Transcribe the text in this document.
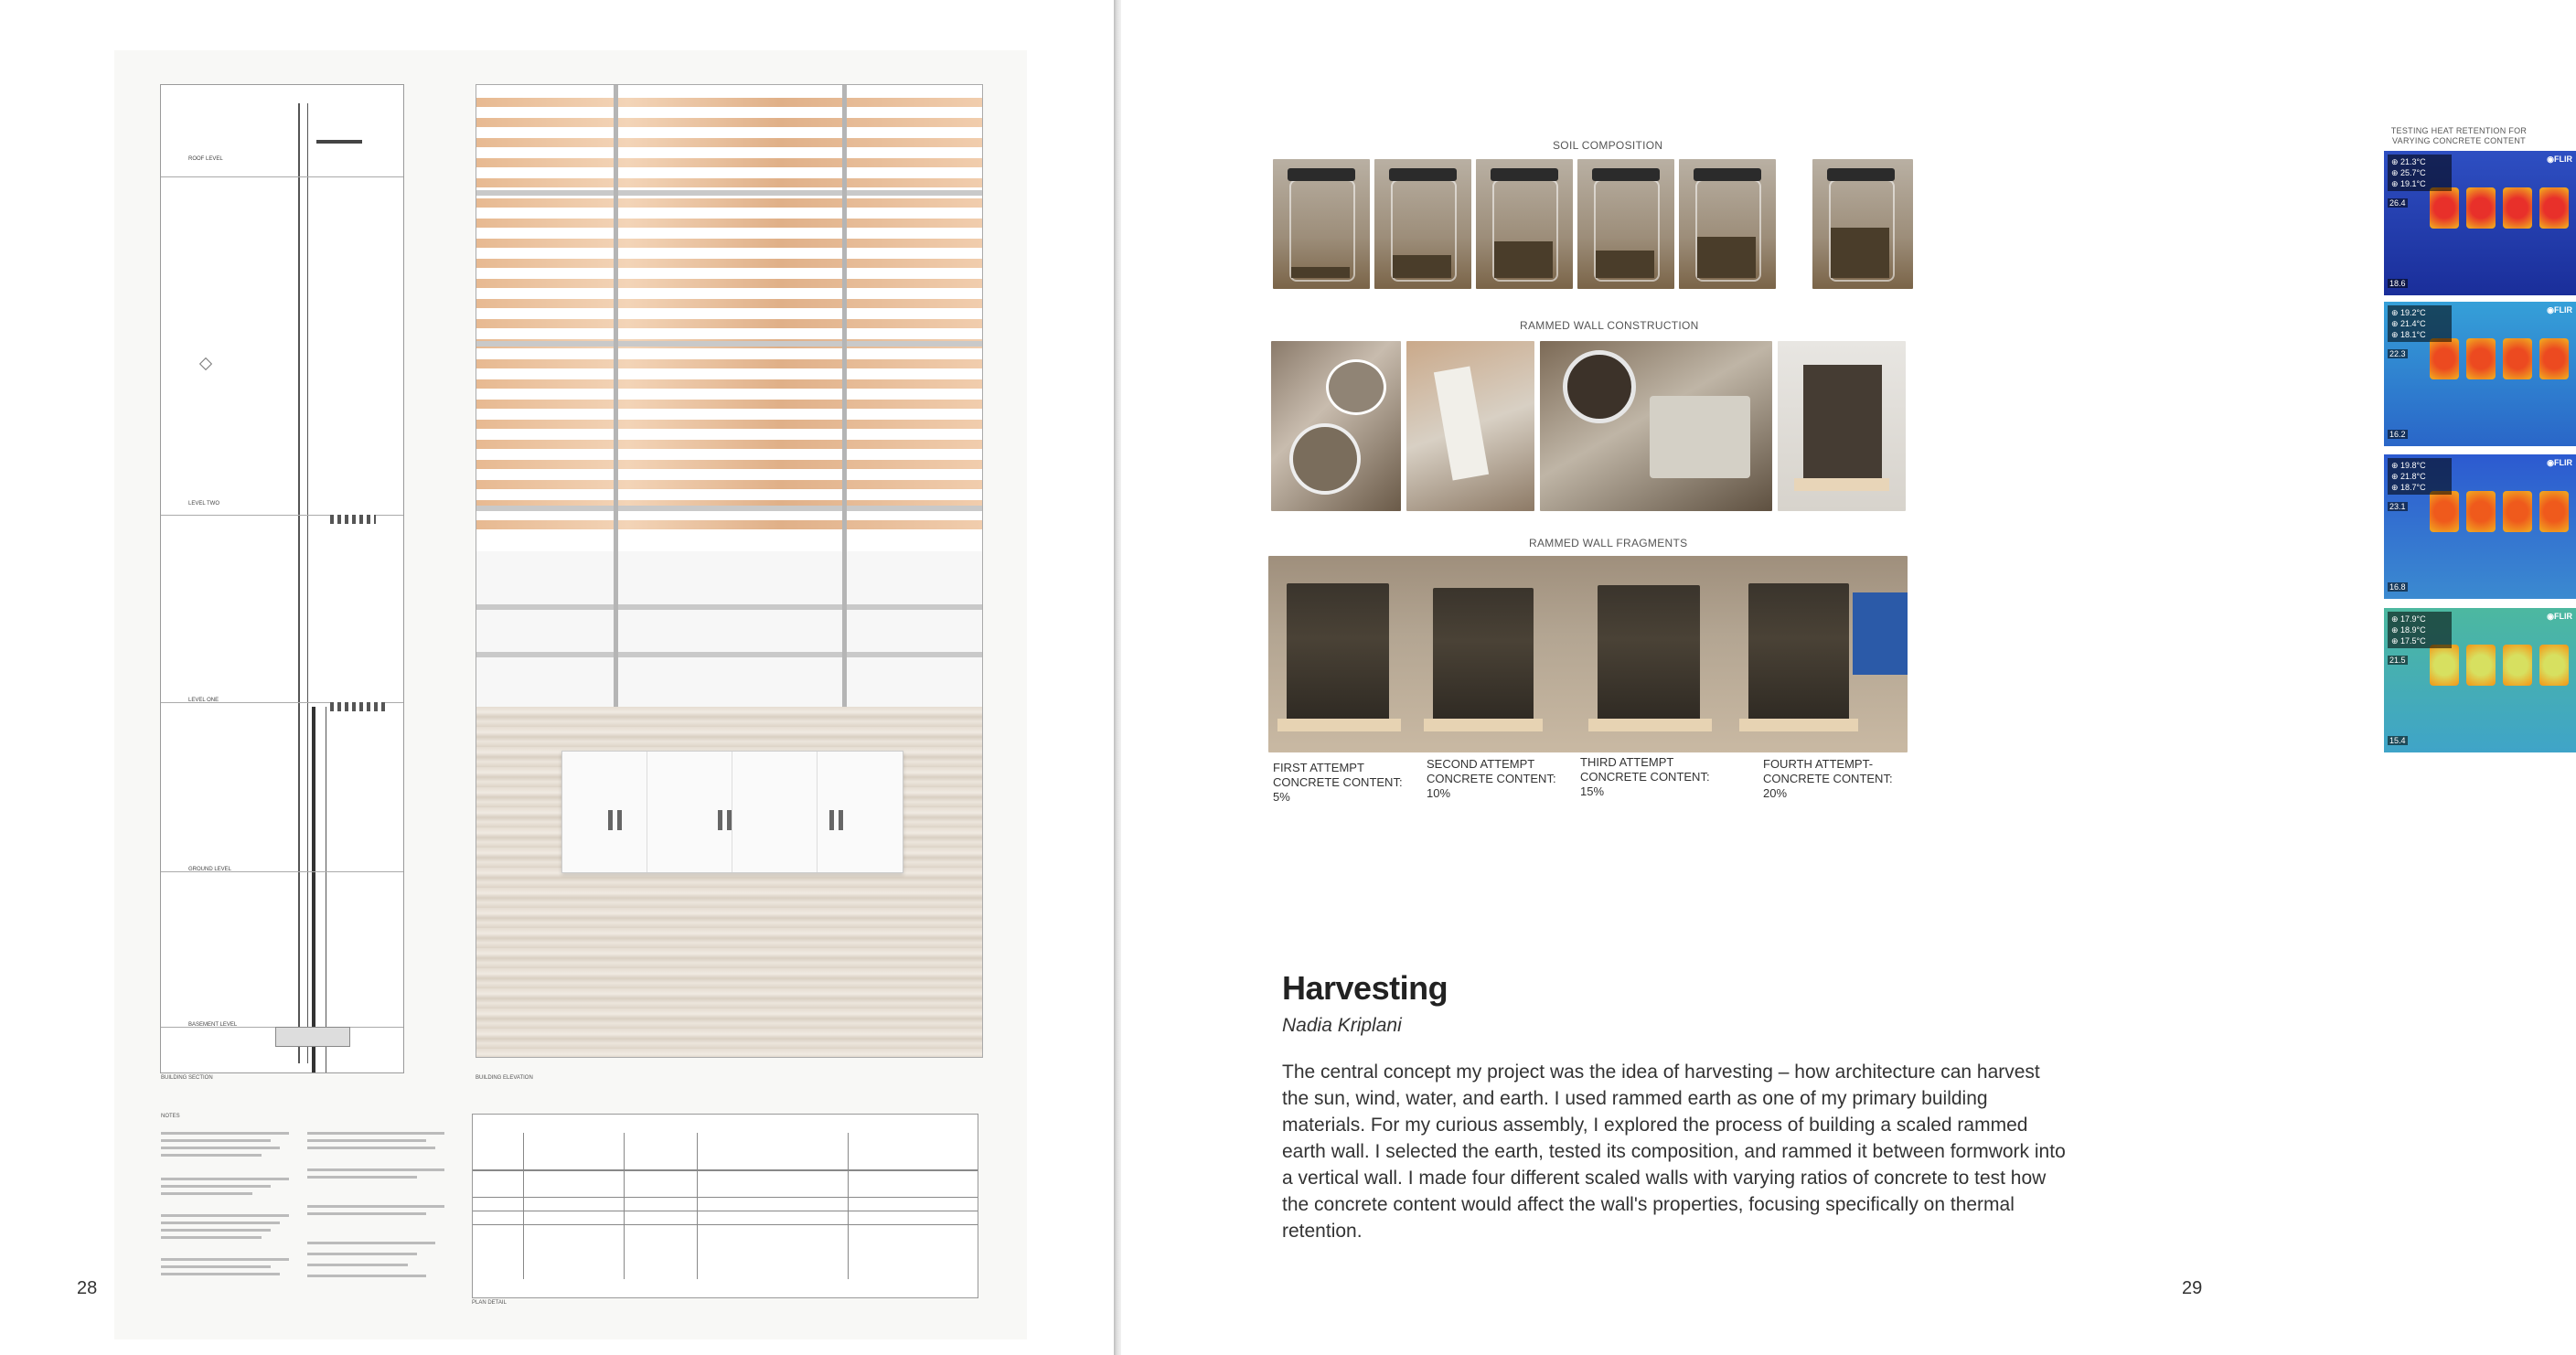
ROOF LEVEL
LEVEL TWO
LEVEL ONE
GROUND LEVEL
BASEMENT LEVEL
BUILDING SECTION	BUILDING ELEVATION
NOTES
PLAN DETAIL
28
SOIL COMPOSITION
RAMMED WALL CONSTRUCTION
RAMMED WALL FRAGMENTS
FIRST ATTEMPT
CONCRETE CONTENT:
5%
SECOND ATTEMPT
CONCRETE CONTENT:
10%
THIRD ATTEMPT
CONCRETE CONTENT:
15%
FOURTH ATTEMPT-
CONCRETE CONTENT:
20%
TESTING HEAT RETENTION FOR VARYING CONCRETE CONTENT
⊕ 21.3°C
⊕ 25.7°C
⊕ 19.1°C
◉FLIR
26.4
18.6
⊕ 19.2°C
⊕ 21.4°C
⊕ 18.1°C
◉FLIR
22.3
16.2
⊕ 19.8°C
⊕ 21.8°C
⊕ 18.7°C
◉FLIR
23.1
16.8
⊕ 17.9°C
⊕ 18.9°C
⊕ 17.5°C
◉FLIR
21.5
15.4
Harvesting
Nadia Kriplani
The central concept my project was the idea of harvesting – how architecture can harvest the sun, wind, water, and earth. I used rammed earth as one of my primary building materials. For my curious assembly, I explored the process of building a scaled rammed earth wall. I selected the earth, tested its composition, and rammed it between formwork into a vertical wall. I made four different scaled walls with varying ratios of concrete to test how the concrete content would affect the wall's properties, focusing specifically on thermal retention.
29
